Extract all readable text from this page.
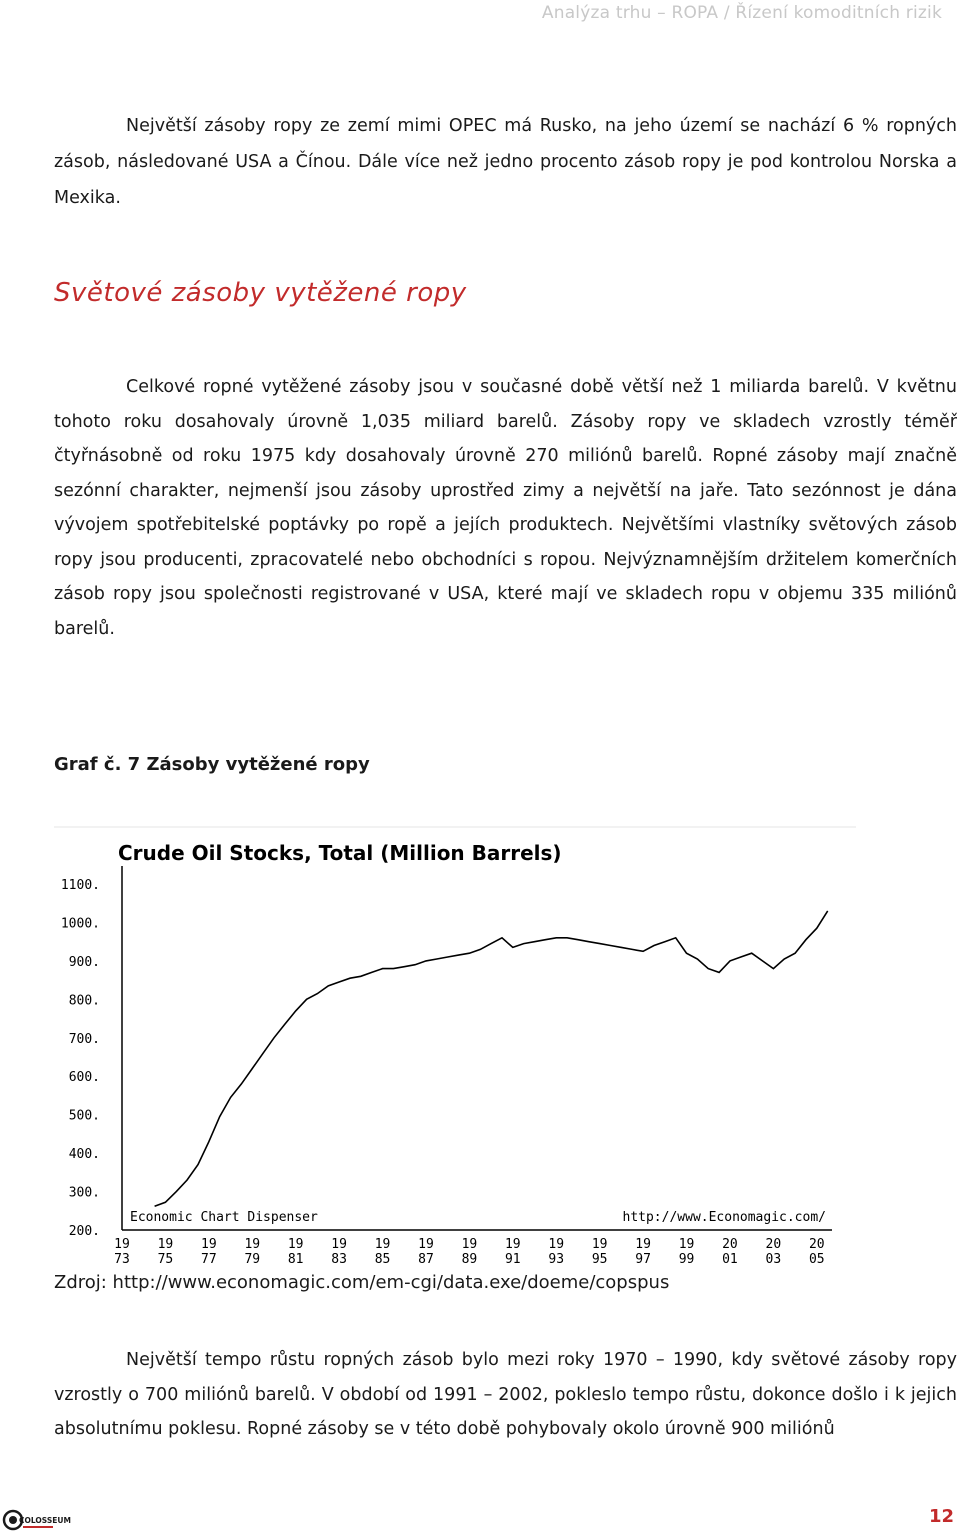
Analýza trhu – ROPA / Řízení komoditních rizik

Největší zásoby ropy ze zemí mimi OPEC má Rusko, na jeho území se nachází 6 % ropných zásob, následované USA a Čínou. Dále více než jedno procento zásob ropy je pod kontrolou Norska a Mexika.

Světové zásoby vytěžené ropy

Celkové ropné vytěžené zásoby jsou v současné době větší než 1 miliarda barelů. V květnu tohoto roku dosahovaly úrovně 1,035 miliard barelů. Zásoby ropy ve skladech vzrostly téměř čtyřnásobně od roku 1975 kdy dosahovaly úrovně 270 miliónů barelů. Ropné zásoby mají značně sezónní charakter, nejmenší jsou zásoby uprostřed zimy a největší na jaře. Tato sezónnost je dána vývojem spotřebitelské poptávky po ropě a jejích produktech. Největšími vlastníky světových zásob ropy jsou producenti, zpracovatelé nebo obchodníci s ropou. Nejvýznamnějším držitelem komerčních zásob ropy jsou společnosti registrované v USA, které mají ve skladech ropu v objemu 335 miliónů barelů.

Graf č. 7 Zásoby vytěžené ropy

Crude Oil Stocks, Total (Million Barrels)
1100.
1000.
900.
800.
700.
600.
500.
400.
300.
200.
Economic Chart Dispenser	http://www.Economagic.com/
19
73
19
75
19
77
19
79
19
81
19
83
19
85
19
87
19
89
19
91
19
93
19
95
19
97
19
99
20
01
20
03
20
05

Zdroj: http://www.economagic.com/em-cgi/data.exe/doeme/copspus

Největší tempo růstu ropných zásob bylo mezi roky 1970 – 1990, kdy světové zásoby ropy vzrostly o 700 miliónů barelů. V období od 1991 – 2002, pokleslo tempo růstu, dokonce došlo i k jejich absolutnímu poklesu. Ropné zásoby se v této době pohybovaly okolo úrovně 900 miliónů

COLOSSEUM	12
